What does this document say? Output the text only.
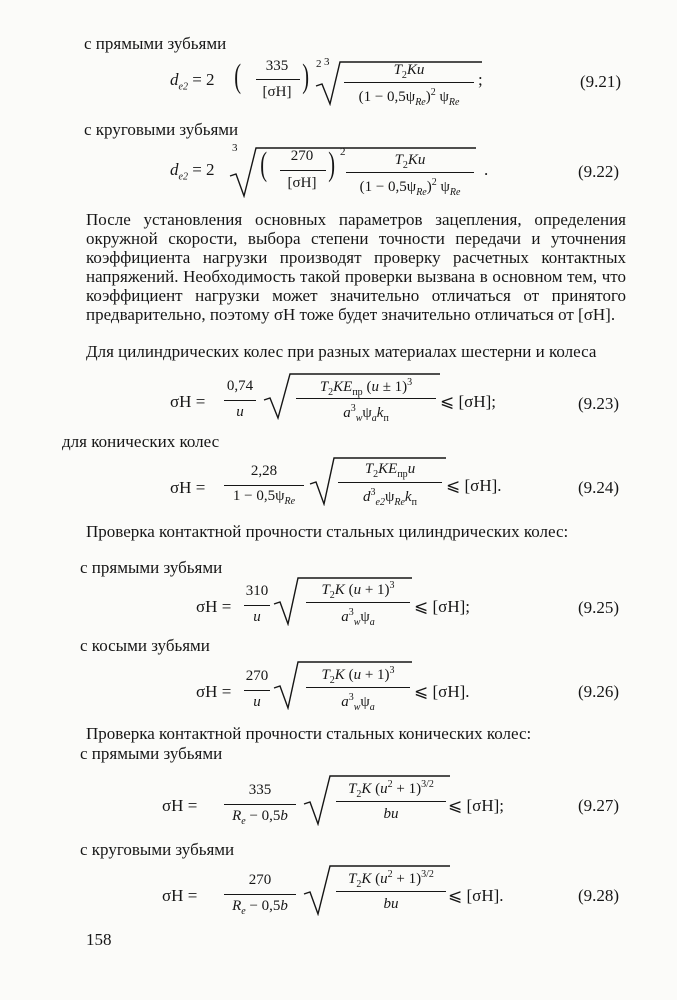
с прямыми зубьями
$d_{e2} = 2$ (	335
[σH] ) 2 3	$T_2Ku$
$(1 - 0,5\psi_{Re})^2$ $\psi_{Re}$
;	(9.21)
с круговыми зубьями
$d_{e2} = 2$
3 (	270
[σH] ) 2	$T_2Ku$
$(1 - 0,5\psi_{Re})^2$ $\psi_{Re}$
.	(9.22)
После установления основных параметров зацепления, определения окружной скорости, выбора степени точности передачи и уточнения коэффициента нагрузки производят проверку расчетных контактных напряжений. Необходимость такой проверки вызвана в основном тем, что коэффициент нагрузки может значительно отличаться от принятого предварительно, поэтому σH тоже будет значительно отличаться от [σH].
Для цилиндрических колес при разных материалах шестерни и колеса
σH =
0,74
u
$T_2KE_{пр}$ $(u \pm 1)^3$
$a^3_w\psi_ak_п$
⩽ [σH];	(9.23)
для конических колес
σH =
2,28
$1 - 0,5\psi_{Re}$
$T_2KE_{пр}u$
$d^3_{e2}\psi_{Re}k_п$
⩽ [σH].	(9.24)
Проверка контактной прочности стальных цилиндрических колес:
с прямыми зубьями
σH =
310
u
$T_2K$ $(u + 1)^3$
$a^3_w\psi_a$
⩽ [σH];	(9.25)
с косыми зубьями
σH =
270
u
$T_2K$ $(u + 1)^3$
$a^3_w\psi_a$
⩽ [σH].	(9.26)
Проверка контактной прочности стальных конических колес:
с прямыми зубьями
σH =
335
$R_e - 0,5b$
$T_2K$ $(u^2 + 1)^{3/2}$
bu	⩽ [σH];	(9.27)
с круговыми зубьями
σH =
270
$R_e - 0,5b$
$T_2K$ $(u^2 + 1)^{3/2}$
bu	⩽ [σH].	(9.28)
158
